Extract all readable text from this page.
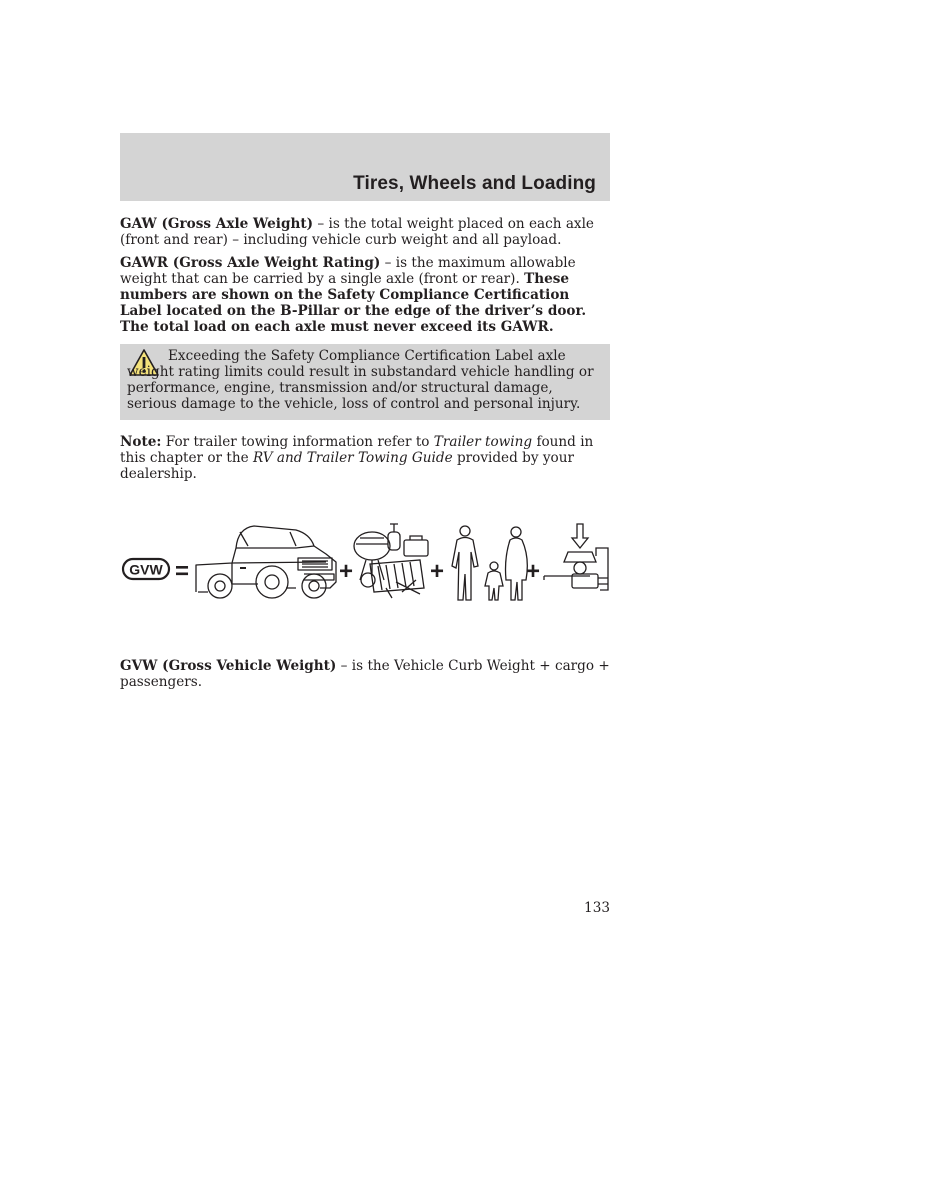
Tires, Wheels and Loading

GAW (Gross Axle Weight) – is the total weight placed on each axle (front and rear) – including vehicle curb weight and all payload.

GAWR (Gross Axle Weight Rating) – is the maximum allowable weight that can be carried by a single axle (front or rear). These numbers are shown on the Safety Compliance Certification Label located on the B-Pillar or the edge of the driver’s door. The total load on each axle must never exceed its GAWR.

Exceeding the Safety Compliance Certification Label axle weight rating limits could result in substandard vehicle handling or performance, engine, transmission and/or structural damage, serious damage to the vehicle, loss of control and personal injury.

Note: For trailer towing information refer to Trailer towing found in this chapter or the RV and Trailer Towing Guide provided by your dealership.

GVW =	+	+	+

GVW (Gross Vehicle Weight) – is the Vehicle Curb Weight + cargo + passengers.

133
